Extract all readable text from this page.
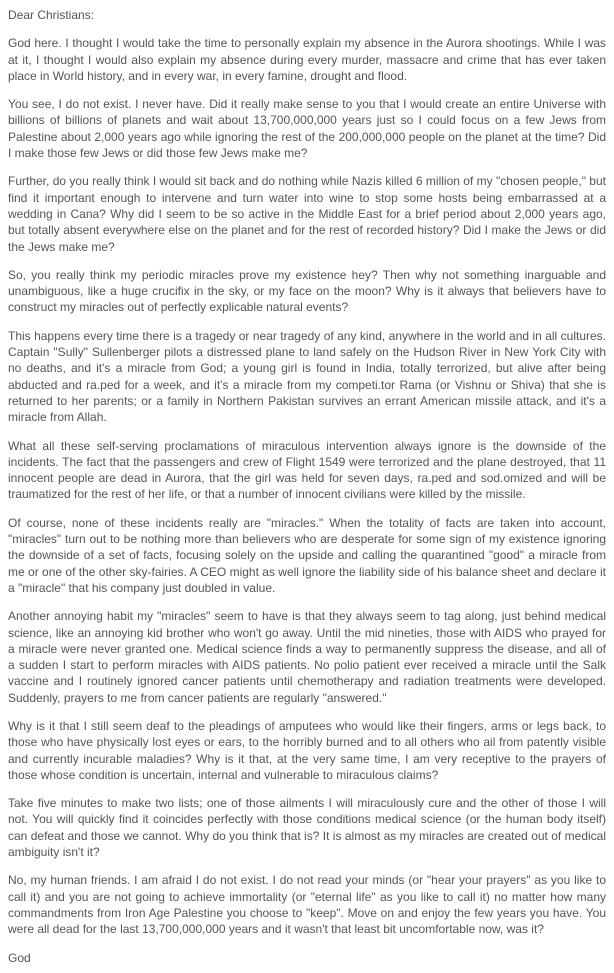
Dear Christians:

God here. I thought I would take the time to personally explain my absence in the Aurora shootings. While I was at it, I thought I would also explain my absence during every murder, massacre and crime that has ever taken place in World history, and in every war, in every famine, drought and flood.

You see, I do not exist. I never have. Did it really make sense to you that I would create an entire Universe with billions of billions of planets and wait about 13,700,000,000 years just so I could focus on a few Jews from Palestine about 2,000 years ago while ignoring the rest of the 200,000,000 people on the planet at the time? Did I make those few Jews or did those few Jews make me?

Further, do you really think I would sit back and do nothing while Nazis killed 6 million of my "chosen people," but find it important enough to intervene and turn water into wine to stop some hosts being embarrassed at a wedding in Cana? Why did I seem to be so active in the Middle East for a brief period about 2,000 years ago, but totally absent everywhere else on the planet and for the rest of recorded history? Did I make the Jews or did the Jews make me?

So, you really think my periodic miracles prove my existence hey? Then why not something inarguable and unambiguous, like a huge crucifix in the sky, or my face on the moon? Why is it always that believers have to construct my miracles out of perfectly explicable natural events?

This happens every time there is a tragedy or near tragedy of any kind, anywhere in the world and in all cultures. Captain "Sully" Sullenberger pilots a distressed plane to land safely on the Hudson River in New York City with no deaths, and it's a miracle from God; a young girl is found in India, totally terrorized, but alive after being abducted and ra.ped for a week, and it's a miracle from my competi.tor Rama (or Vishnu or Shiva) that she is returned to her parents; or a family in Northern Pakistan survives an errant American missile attack, and it's a miracle from Allah.

What all these self-serving proclamations of miraculous intervention always ignore is the downside of the incidents. The fact that the passengers and crew of Flight 1549 were terrorized and the plane destroyed, that 11 innocent people are dead in Aurora, that the girl was held for seven days, ra.ped and sod.omized and will be traumatized for the rest of her life, or that a number of innocent civilians were killed by the missile.

Of course, none of these incidents really are "miracles." When the totality of facts are taken into account, "miracles" turn out to be nothing more than believers who are desperate for some sign of my existence ignoring the downside of a set of facts, focusing solely on the upside and calling the quarantined "good" a miracle from me or one of the other sky-fairies. A CEO might as well ignore the liability side of his balance sheet and declare it a "miracle" that his company just doubled in value.

Another annoying habit my "miracles" seem to have is that they always seem to tag along, just behind medical science, like an annoying kid brother who won't go away. Until the mid nineties, those with AIDS who prayed for a miracle were never granted one. Medical science finds a way to permanently suppress the disease, and all of a sudden I start to perform miracles with AIDS patients. No polio patient ever received a miracle until the Salk vaccine and I routinely ignored cancer patients until chemotherapy and radiation treatments were developed. Suddenly, prayers to me from cancer patients are regularly "answered."

Why is it that I still seem deaf to the pleadings of amputees who would like their fingers, arms or legs back, to those who have physically lost eyes or ears, to the horribly burned and to all others who ail from patently visible and currently incurable maladies? Why is it that, at the very same time, I am very receptive to the prayers of those whose condition is uncertain, internal and vulnerable to miraculous claims?

Take five minutes to make two lists; one of those ailments I will miraculously cure and the other of those I will not. You will quickly find it coincides perfectly with those conditions medical science (or the human body itself) can defeat and those we cannot. Why do you think that is? It is almost as my miracles are created out of medical ambiguity isn't it?

No, my human friends. I am afraid I do not exist. I do not read your minds (or "hear your prayers" as you like to call it) and you are not going to achieve immortality (or "eternal life" as you like to call it) no matter how many commandments from Iron Age Palestine you choose to "keep". Move on and enjoy the few years you have. You were all dead for the last 13,700,000,000 years and it wasn't that least bit uncomfortable now, was it?

God
